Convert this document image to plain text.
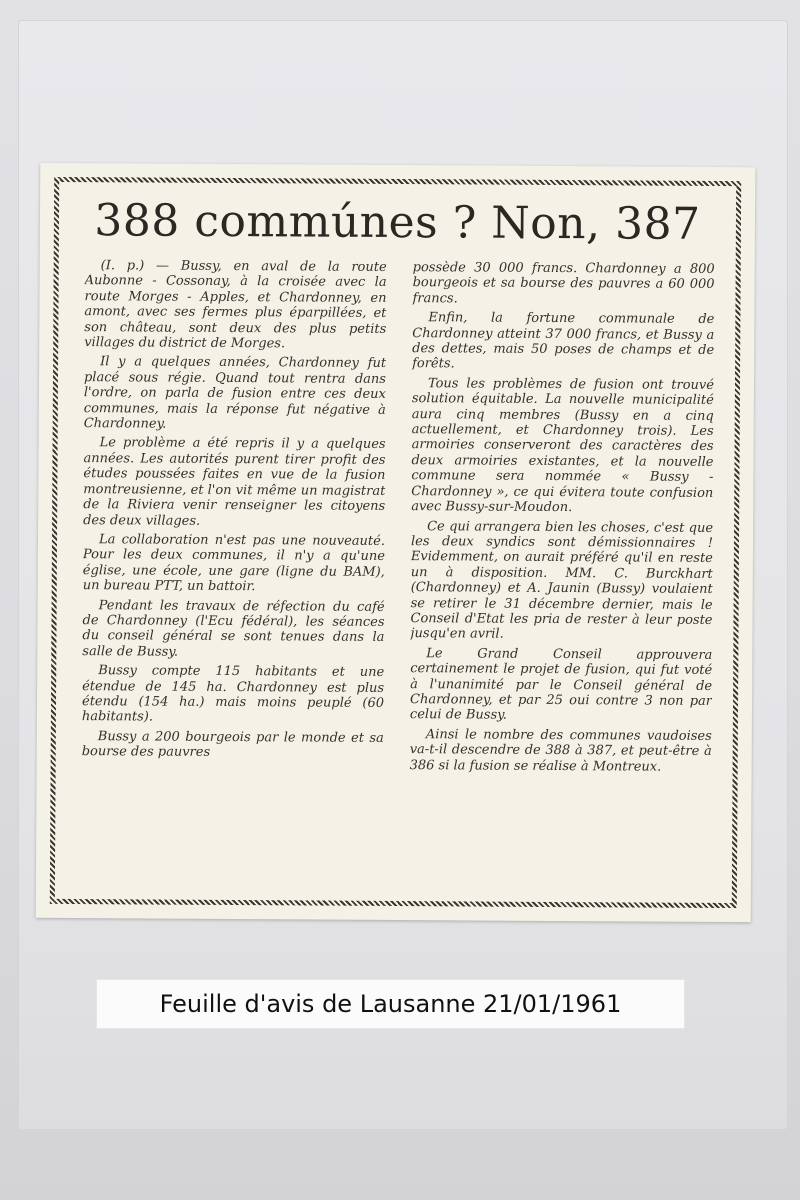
388 commúnes ? Non, 387

(I. p.) — Bussy, en aval de la route Aubonne - Cossonay, à la croisée avec la route Morges - Apples, et Chardonney, en amont, avec ses fermes plus éparpillées, et son château, sont deux des plus petits villages du district de Morges.

Il y a quelques années, Chardonney fut placé sous régie. Quand tout rentra dans l'ordre, on parla de fusion entre ces deux communes, mais la réponse fut négative à Chardonney.

Le problème a été repris il y a quelques années. Les autorités purent tirer profit des études poussées faites en vue de la fusion montreusienne, et l'on vit même un magistrat de la Riviera venir renseigner les citoyens des deux villages.

La collaboration n'est pas une nouveauté. Pour les deux communes, il n'y a qu'une église, une école, une gare (ligne du BAM), un bureau PTT, un battoir.

Pendant les travaux de réfection du café de Chardonney (l'Ecu fédéral), les séances du conseil général se sont tenues dans la salle de Bussy.

Bussy compte 115 habitants et une étendue de 145 ha. Chardonney est plus étendu (154 ha.) mais moins peuplé (60 habitants).

Bussy a 200 bourgeois par le monde et sa bourse des pauvres

possède 30 000 francs. Chardonney a 800 bourgeois et sa bourse des pauvres a 60 000 francs.

Enfin, la fortune communale de Chardonney atteint 37 000 francs, et Bussy a des dettes, mais 50 poses de champs et de forêts.

Tous les problèmes de fusion ont trouvé solution équitable. La nouvelle municipalité aura cinq membres (Bussy en a cinq actuellement, et Chardonney trois). Les armoiries conserveront des caractères des deux armoiries existantes, et la nouvelle commune sera nommée « Bussy - Chardonney », ce qui évitera toute confusion avec Bussy-sur-Moudon.

Ce qui arrangera bien les choses, c'est que les deux syndics sont démissionnaires ! Evidemment, on aurait préféré qu'il en reste un à disposition. MM. C. Burckhart (Chardonney) et A. Jaunin (Bussy) voulaient se retirer le 31 décembre dernier, mais le Conseil d'Etat les pria de rester à leur poste jusqu'en avril.

Le Grand Conseil approuvera certainement le projet de fusion, qui fut voté à l'unanimité par le Conseil général de Chardonney, et par 25 oui contre 3 non par celui de Bussy.

Ainsi le nombre des communes vaudoises va-t-il descendre de 388 à 387, et peut-être à 386 si la fusion se réalise à Montreux.

Feuille d'avis de Lausanne 21/01/1961
